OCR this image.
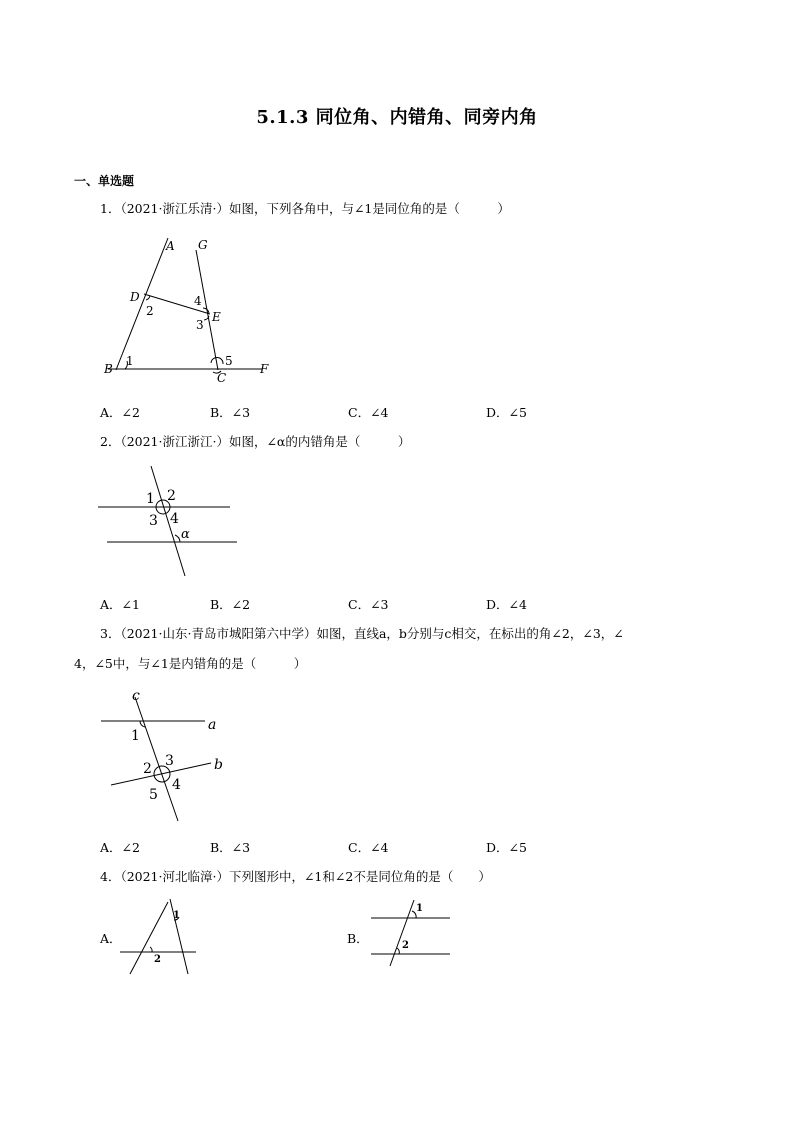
5.1.3 同位角、内错角、同旁内角
一、单选题
1．（2021·浙江乐清·）如图，下列各角中，与∠1是同位角的是（　　　）
A G
D	4
2	E
3
B
1	5
C
F
A．∠2	B．∠3	C．∠4	D．∠5
2．（2021·浙江浙江·）如图，∠α的内错角是（　　　）
1 2
3 4
α
A．∠1	B．∠2	C．∠3	D．∠4
3．（2021·山东·青岛市城阳第六中学）如图，直线a，b分别与c相交，在标出的角∠2，∠3，∠
4，∠5中，与∠1是内错角的是（　　　）
c
a
1
3
2	b
5
4
A．∠2	B．∠3	C．∠4	D．∠5
4．（2021·河北临漳·）下列图形中，∠1和∠2不是同位角的是（　　）
A．
1
2
B．
1
2
